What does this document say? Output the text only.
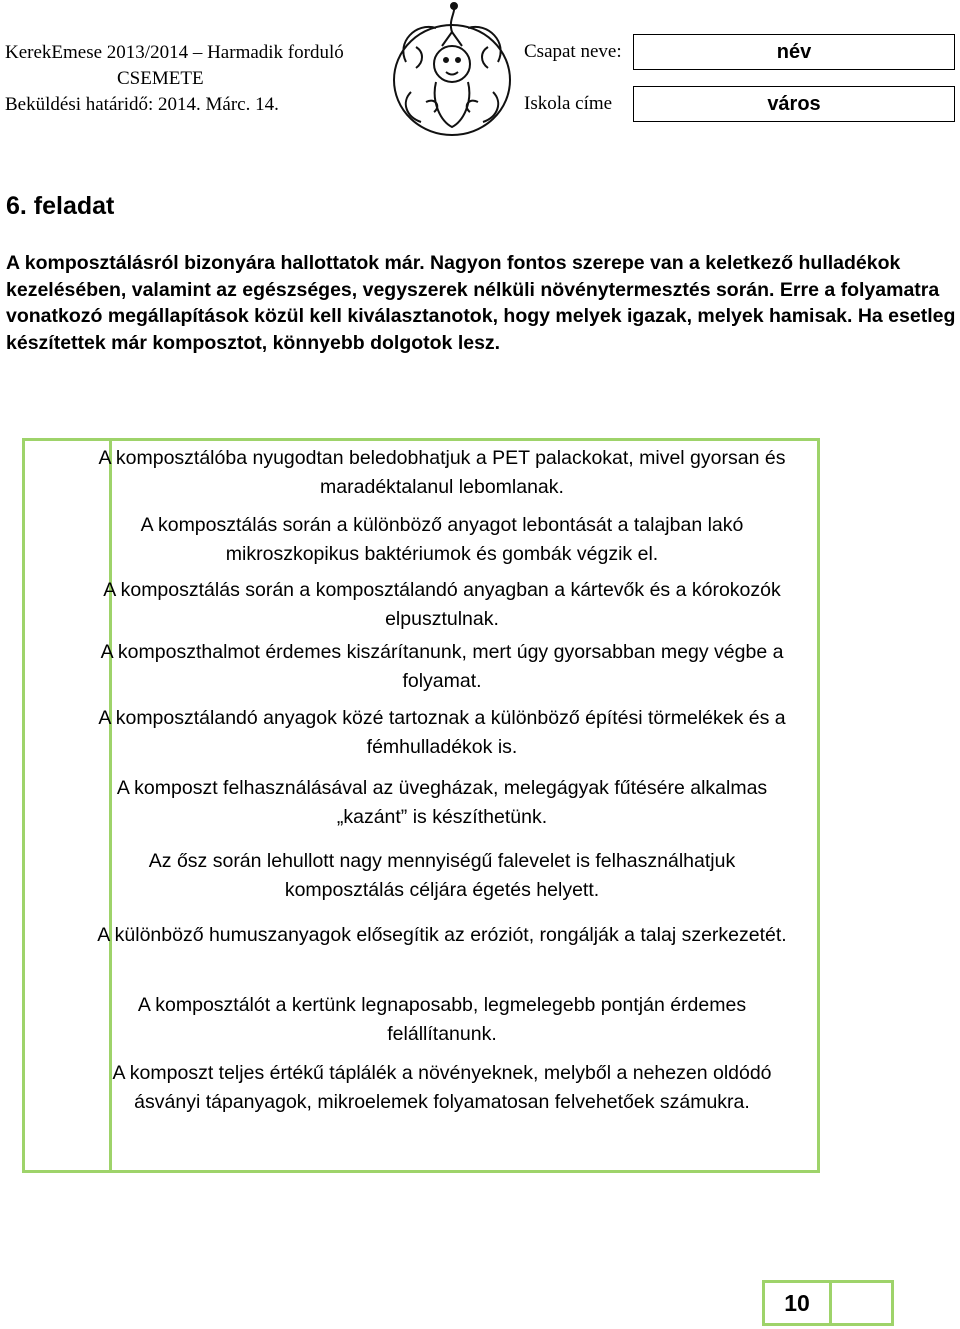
KerekEmese 2013/2014 – Harmadik forduló
CSEMETE
Beküldési határidő: 2014. Márc. 14.
Csapat neve:	név
Iskola címe	város
6. feladat
A komposztálásról bizonyára hallottatok már. Nagyon fontos szerepe van a keletkező hulladékok kezelésében, valamint az egészséges, vegyszerek nélküli növénytermesztés során. Erre a folyamatra vonatkozó megállapítások közül kell kiválasztanotok, hogy melyek igazak, melyek hamisak. Ha esetleg készítettek már komposztot, könnyebb dolgotok lesz.
A komposztálóba nyugodtan beledobhatjuk a PET palackokat, mivel gyorsan és maradéktalanul lebomlanak.
A komposztálás során a különböző anyagot lebontását a talajban lakó mikroszkopikus baktériumok és gombák végzik el.
A komposztálás során a komposztálandó anyagban a kártevők és a kórokozók elpusztulnak.
A komposzthalmot érdemes kiszárítanunk, mert úgy gyorsabban megy végbe a folyamat.
A komposztálandó anyagok közé tartoznak a különböző építési törmelékek és a fémhulladékok is.
A komposzt felhasználásával az üvegházak, melegágyak fűtésére alkalmas „kazánt” is készíthetünk.
Az ősz során lehullott nagy mennyiségű falevelet is felhasználhatjuk komposztálás céljára égetés helyett.
A különböző humuszanyagok elősegítik az eróziót, rongálják a talaj szerkezetét.
A komposztálót a kertünk legnaposabb, legmelegebb pontján érdemes felállítanunk.
A komposzt teljes értékű táplálék a növényeknek, melyből a nehezen oldódó ásványi tápanyagok, mikroelemek folyamatosan felvehetőek számukra.
10
